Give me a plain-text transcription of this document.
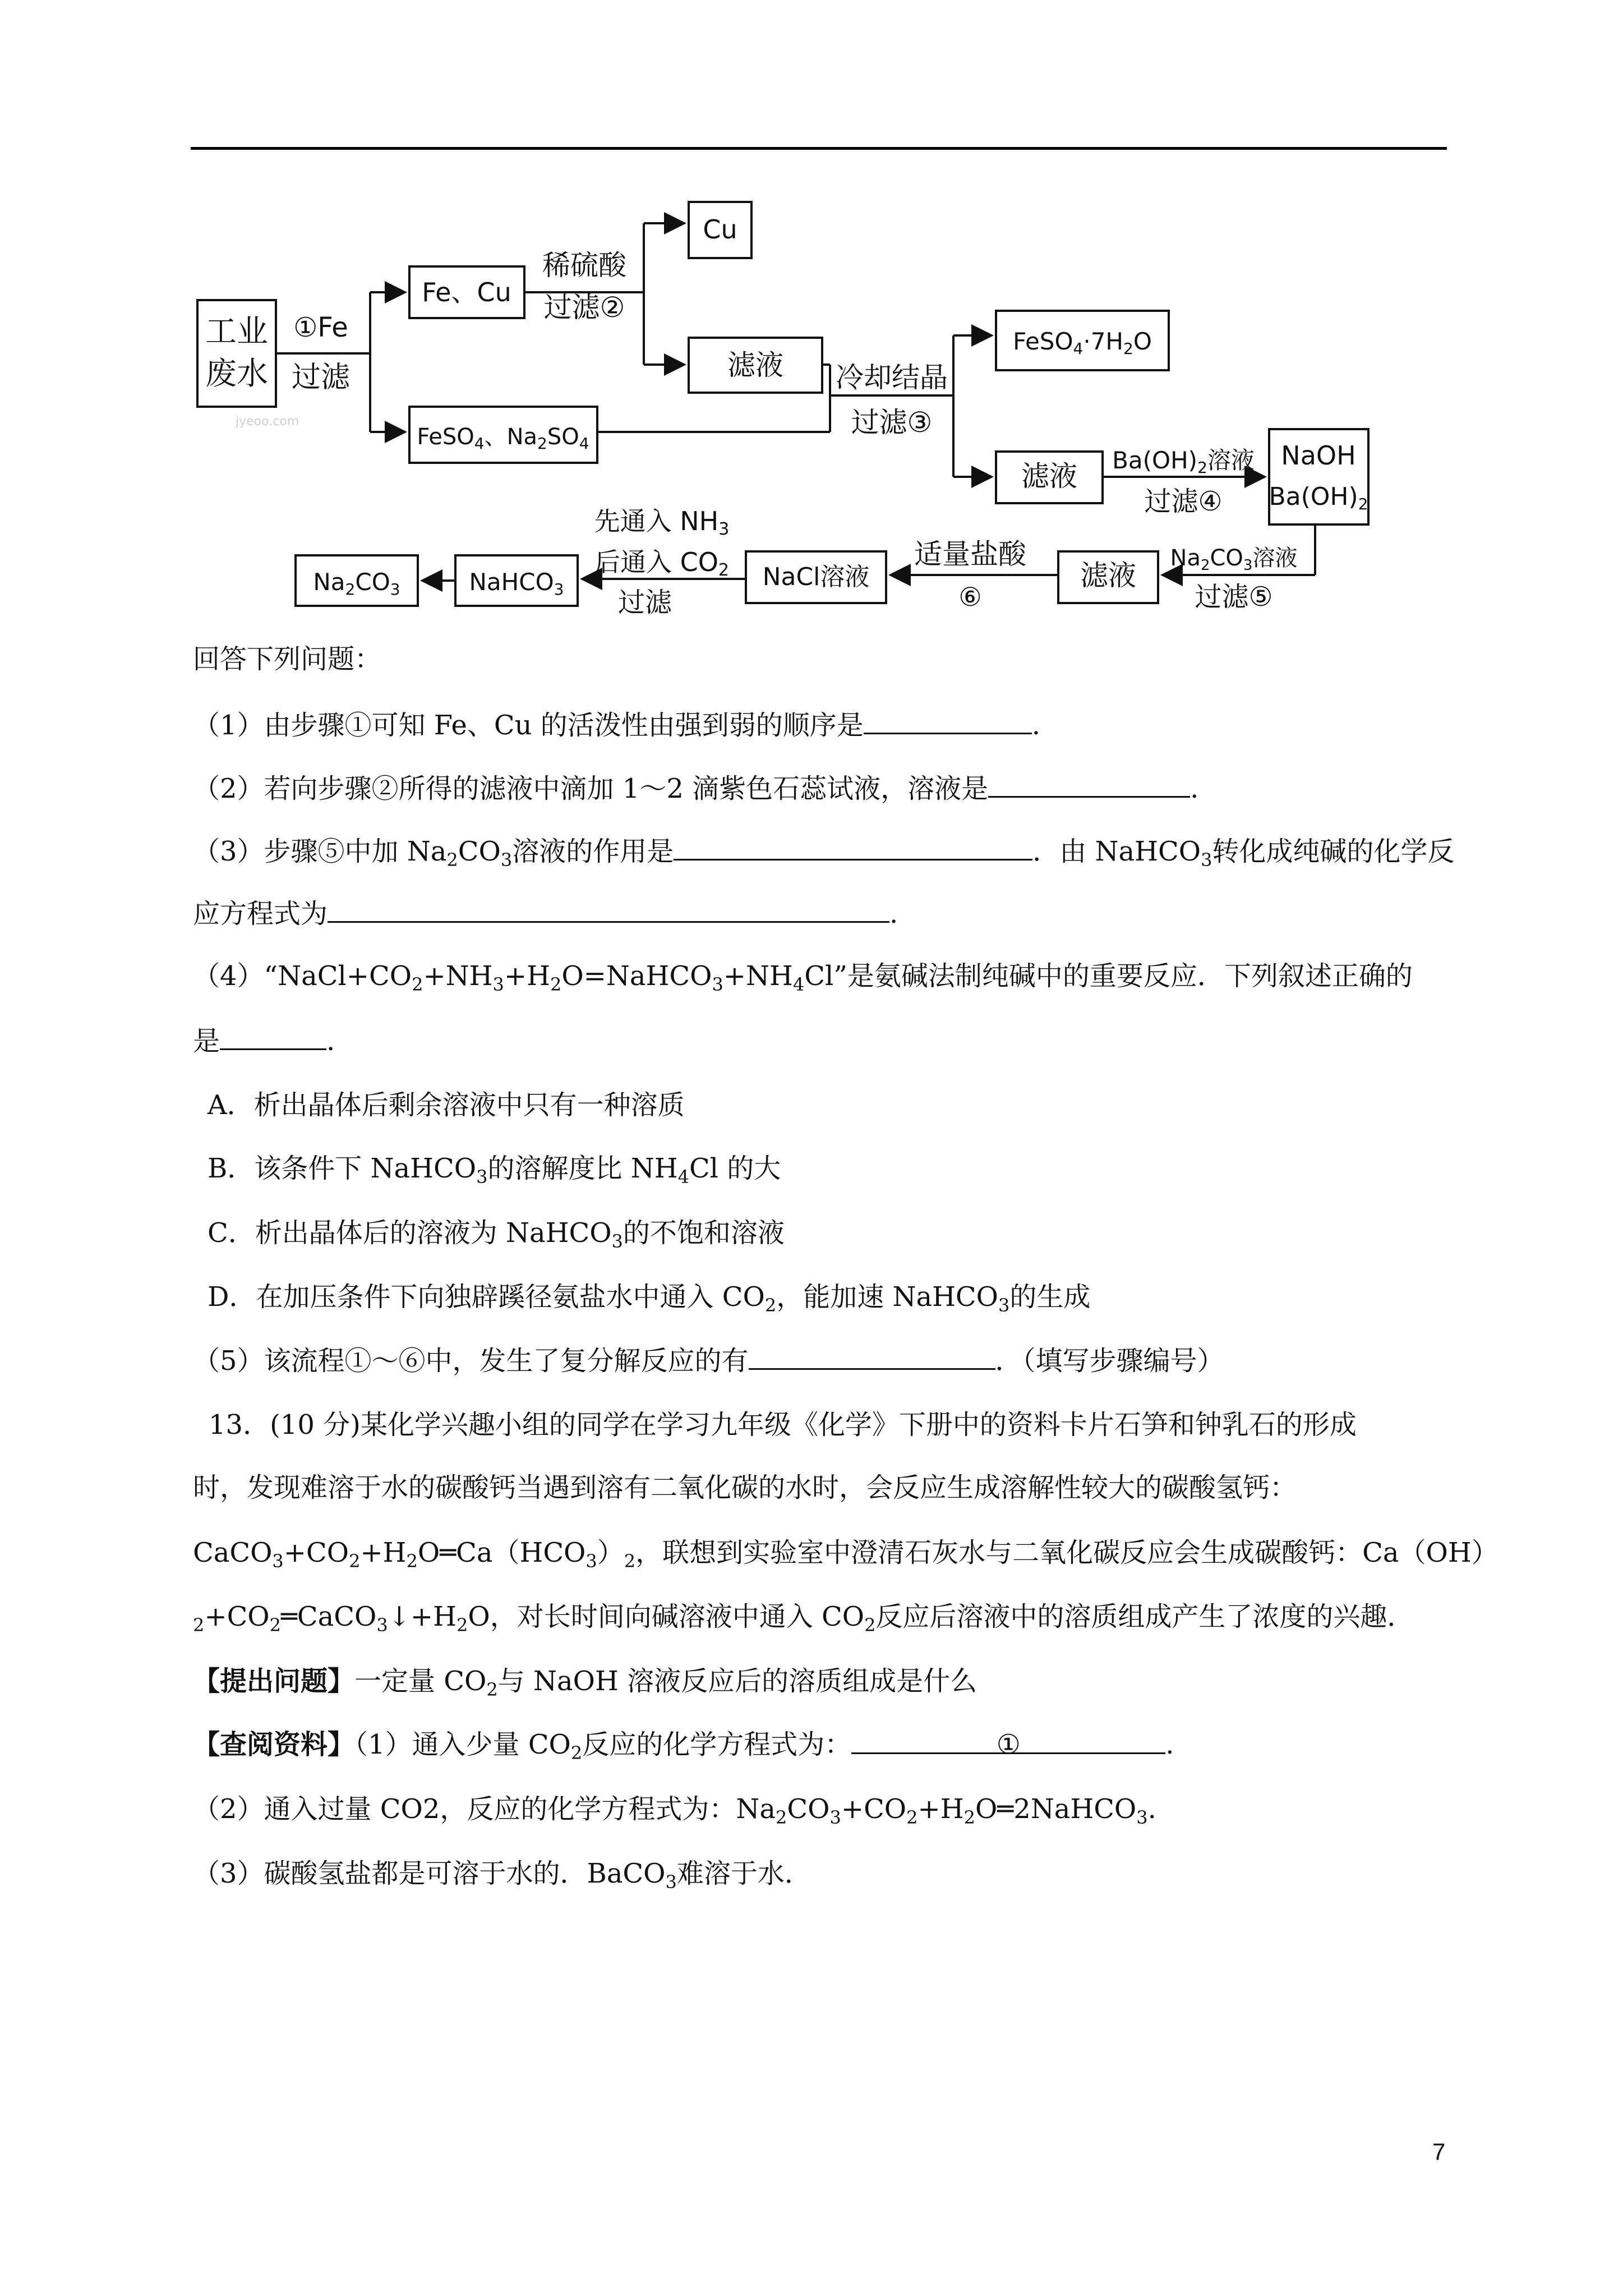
工业
废水
①Fe
过滤
jyeoo.com
Fe、Cu
稀硫酸
过滤②
Cu
滤液
FeSO$_4$、$Na_2SO_4$
冷却结晶
过滤③
FeSO4·7H2O
滤液 Ba(OH)2溶液
过滤④
NaOH
Ba(OH)2
$Na_2CO_3$溶液
过滤⑤
滤液
适量盐酸
⑥
NaCl溶液
先通入 NH3
后通入 CO2
过滤
NaHCO3
Na2CO3
回答下列问题：
（1）由步骤①可知 Fe、Cu 的活泼性由强到弱的顺序是	.
（2）若向步骤②所得的滤液中滴加 1～2 滴紫色石蕊试液，溶液是	.
（3）步骤⑤中加 $Na_2CO_3$溶液的作用是	．由 NaHCO$_3$转化成纯碱的化学反
应方程式为	.
$(4)“NaCl+CO_2+NH_3+H_2O=NaHCO_3+NH_4Cl$”是氨碱法制纯碱中的重要反应．下列叙述正确的
是	.
A．析出晶体后剩余溶液中只有一种溶质
B．该条件下 NaHCO$_3$的溶解度比 $NH_4Cl$ 的大
C．析出晶体后的溶液为 NaHCO$_3$的不饱和溶液
D．在加压条件下向独辟蹊径氨盐水中通入 $CO_2$，能加速 NaHCO$_3$的生成
（5）该流程①～⑥中，发生了复分解反应的有	．（填写步骤编号）
13．(10 分)某化学兴趣小组的同学在学习九年级《化学》下册中的资料卡片石笋和钟乳石的形成
时，发现难溶于水的碳酸钙当遇到溶有二氧化碳的水时，会反应生成溶解性较大的碳酸氢钙：
$CaCO_3+CO_2+H_2O═Ca(HCO_3)_2$，联想到实验室中澄清石灰水与二氧化碳反应会生成碳酸钙：Ca（OH）
$_2+CO_2═CaCO_3↓+H_2O$，对长时间向碱溶液中通入 $CO_2$反应后溶液中的溶质组成产生了浓度的兴趣．
【提出问题】一定量 $CO_2$与 NaOH 溶液反应后的溶质组成是什么
【查阅资料】（1）通入少量 $CO_2$反应的化学方程式为：	①	.
（2）通入过量 CO2，反应的化学方程式为：$Na_2CO_3+CO_2+H_2O═2NaHCO_3$.
（3）碳酸氢盐都是可溶于水的．BaCO$_3$难溶于水．
7
